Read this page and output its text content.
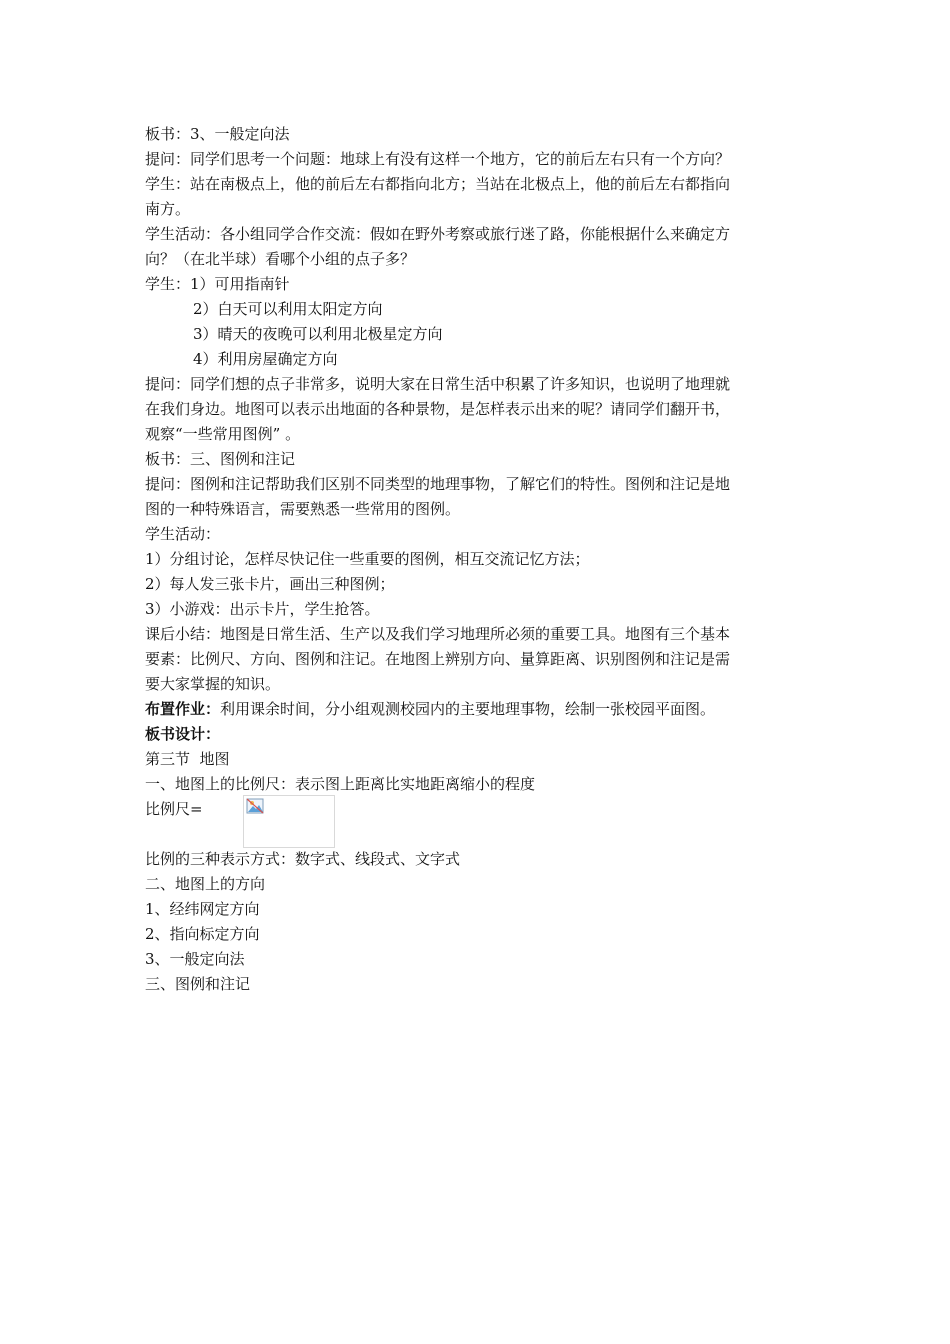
板书：3、一般定向法
提问：同学们思考一个问题：地球上有没有这样一个地方，它的前后左右只有一个方向？
学生：站在南极点上，他的前后左右都指向北方；当站在北极点上，他的前后左右都指向
南方。
学生活动：各小组同学合作交流：假如在野外考察或旅行迷了路，你能根据什么来确定方
向？（在北半球）看哪个小组的点子多？
学生：1）可用指南针
2）白天可以利用太阳定方向
3）晴天的夜晚可以利用北极星定方向
4）利用房屋确定方向
提问：同学们想的点子非常多，说明大家在日常生活中积累了许多知识，也说明了地理就
在我们身边。地图可以表示出地面的各种景物，是怎样表示出来的呢？请同学们翻开书，
观察“一些常用图例” 。
板书：三、图例和注记
提问：图例和注记帮助我们区别不同类型的地理事物，了解它们的特性。图例和注记是地
图的一种特殊语言，需要熟悉一些常用的图例。
学生活动：
1）分组讨论，怎样尽快记住一些重要的图例，相互交流记忆方法；
2）每人发三张卡片，画出三种图例；
3）小游戏：出示卡片，学生抢答。
课后小结：地图是日常生活、生产以及我们学习地理所必须的重要工具。地图有三个基本
要素：比例尺、方向、图例和注记。在地图上辨别方向、量算距离、识别图例和注记是需
要大家掌握的知识。
布置作业：利用课余时间，分小组观测校园内的主要地理事物，绘制一张校园平面图。
板书设计：
第三节  地图
一、地图上的比例尺：表示图上距离比实地距离缩小的程度
比例尺=
比例的三种表示方式：数字式、线段式、文字式
二、地图上的方向
1、经纬网定方向
2、指向标定方向
3、一般定向法
三、图例和注记
